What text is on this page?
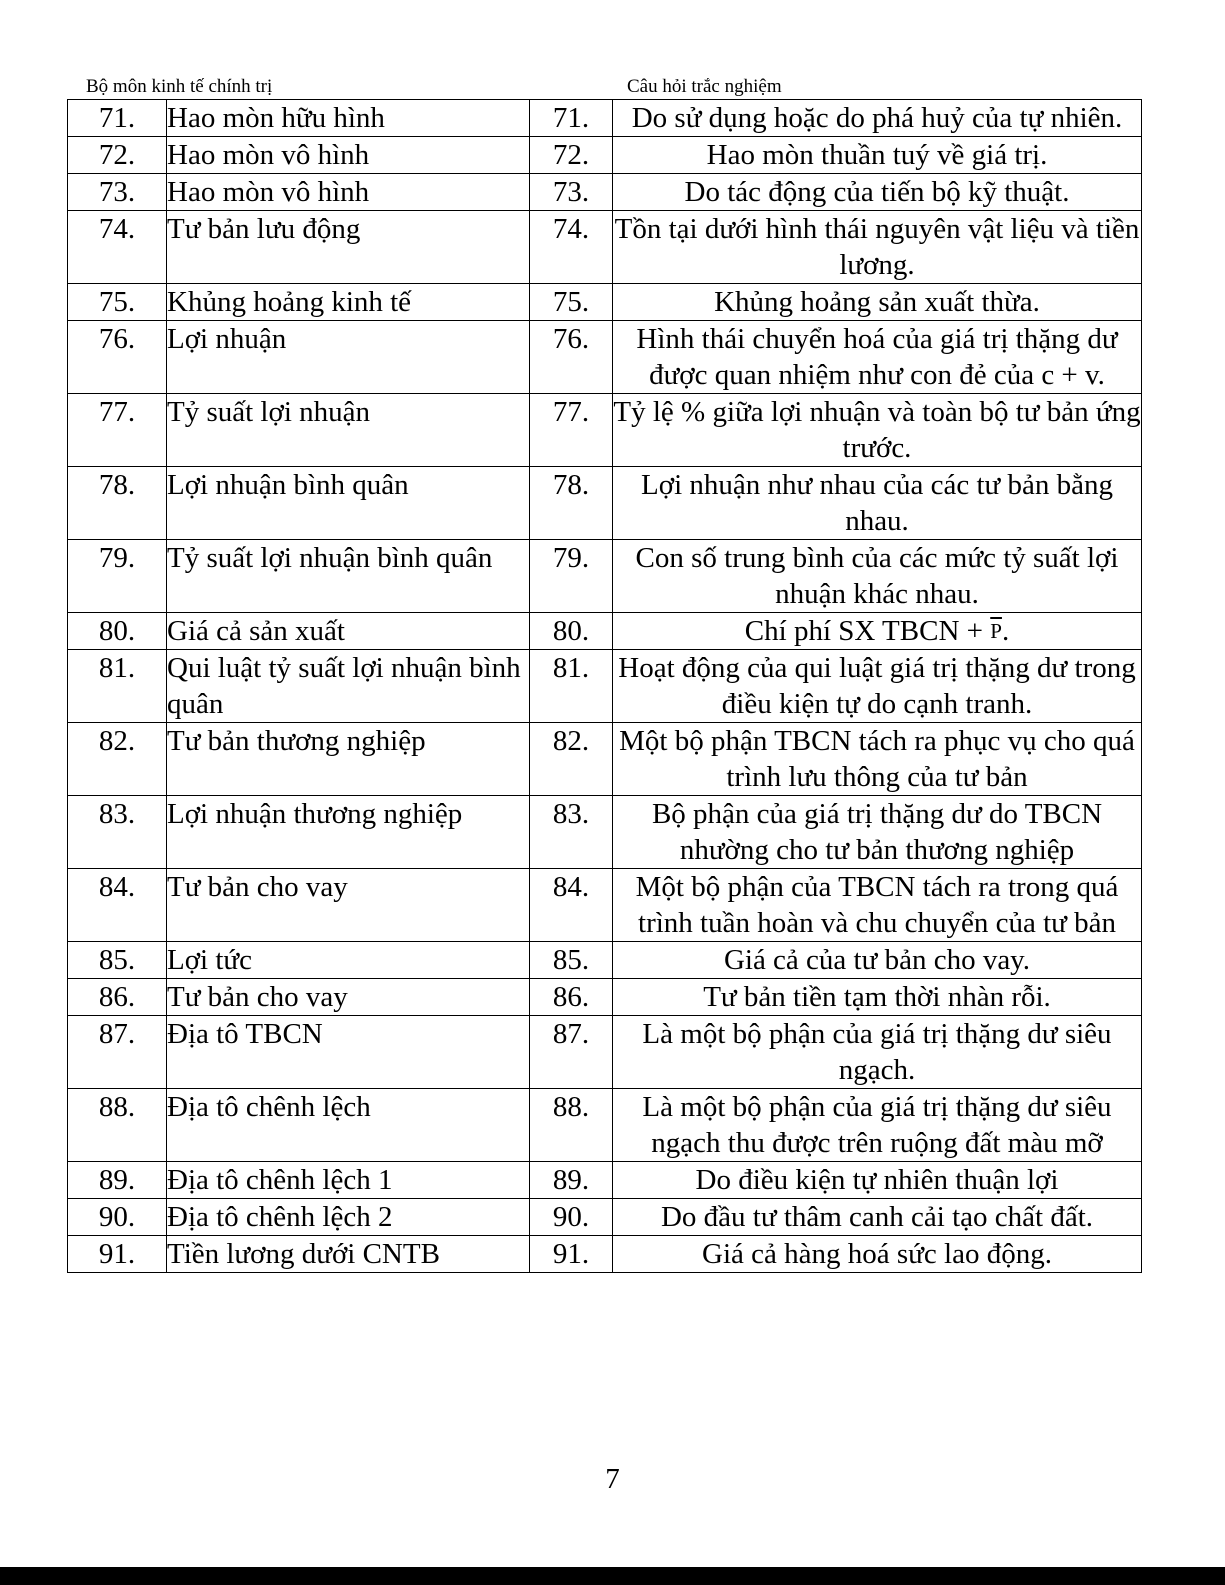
Bộ môn kinh tế chính trị	Câu hỏi trắc nghiệm
71.	Hao mòn hữu hình	71.	Do sử dụng hoặc do phá huỷ của tự nhiên.
72.	Hao mòn vô hình	72.	Hao mòn thuần tuý về giá trị.
73.	Hao mòn vô hình	73.	Do tác động của tiến bộ kỹ thuật.
74.	Tư bản lưu động	74.	Tồn tại dưới hình thái nguyên vật liệu và tiền lương.
75.	Khủng hoảng kinh tế	75.	Khủng hoảng sản xuất thừa.
76.	Lợi nhuận	76.	Hình thái chuyển hoá của giá trị thặng dư được quan nhiệm như con đẻ của c + v.
77.	Tỷ suất lợi nhuận	77.	Tỷ lệ % giữa lợi nhuận và toàn bộ tư bản ứng trước.
78.	Lợi nhuận bình quân	78.	Lợi nhuận như nhau của các tư bản bằng nhau.
79.	Tỷ suất lợi nhuận bình quân	79.	Con số trung bình của các mức tỷ suất lợi nhuận khác nhau.
80.	Giá cả sản xuất	80.	Chí phí SX TBCN + $\overline{P}$.
81.	Qui luật tỷ suất lợi nhuận bình quân	81.	Hoạt động của qui luật giá trị thặng dư trong điều kiện tự do cạnh tranh.
82.	Tư bản thương nghiệp	82.	Một bộ phận TBCN tách ra phục vụ cho quá trình lưu thông của tư bản
83.	Lợi nhuận thương nghiệp	83.	Bộ phận của giá trị thặng dư do TBCN nhường cho tư bản thương nghiệp
84.	Tư bản cho vay	84.	Một bộ phận của TBCN tách ra trong quá trình tuần hoàn và chu chuyển của tư bản
85.	Lợi tức	85.	Giá cả của tư bản cho vay.
86.	Tư bản cho vay	86.	Tư bản tiền tạm thời nhàn rỗi.
87.	Địa tô TBCN	87.	Là một bộ phận của giá trị thặng dư siêu ngạch.
88.	Địa tô chênh lệch	88.	Là một bộ phận của giá trị thặng dư siêu ngạch thu được trên ruộng đất màu mỡ
89.	Địa tô chênh lệch 1	89.	Do điều kiện tự nhiên thuận lợi
90.	Địa tô chênh lệch 2	90.	Do đầu tư thâm canh cải tạo chất đất.
91.	Tiền lương dưới CNTB	91.	Giá cả hàng hoá sức lao động.
7
